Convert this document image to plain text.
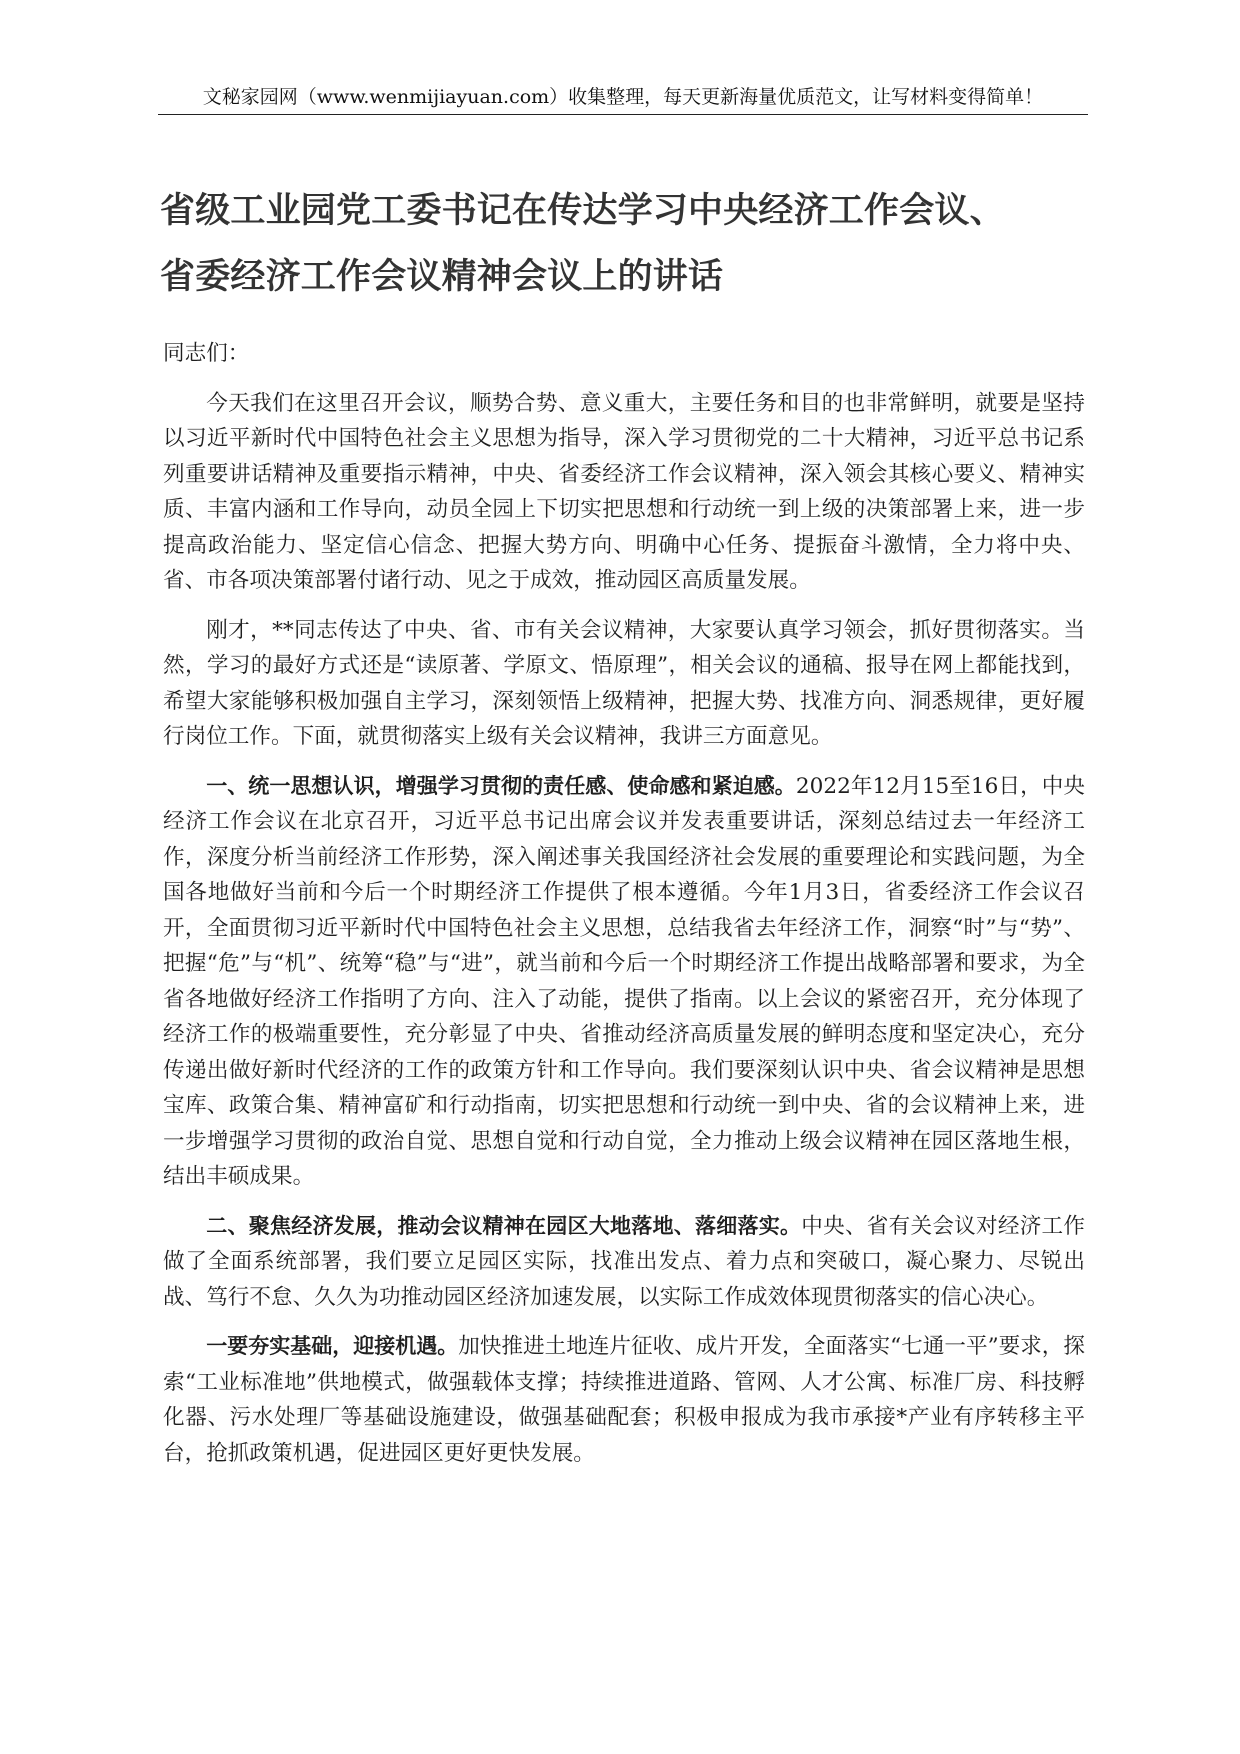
文秘家园网（www.wenmijiayuan.com）收集整理，每天更新海量优质范文，让写材料变得简单！
省级工业园党工委书记在传达学习中央经济工作会议、
省委经济工作会议精神会议上的讲话

同志们：

今天我们在这里召开会议，顺势合势、意义重大，主要任务和目的也非常鲜明，就要是坚持以习近平新时代中国特色社会主义思想为指导，深入学习贯彻党的二十大精神，习近平总书记系列重要讲话精神及重要指示精神，中央、省委经济工作会议精神，深入领会其核心要义、精神实质、丰富内涵和工作导向，动员全园上下切实把思想和行动统一到上级的决策部署上来，进一步提高政治能力、坚定信心信念、把握大势方向、明确中心任务、提振奋斗激情，全力将中央、省、市各项决策部署付诸行动、见之于成效，推动园区高质量发展。

刚才，**同志传达了中央、省、市有关会议精神，大家要认真学习领会，抓好贯彻落实。当然，学习的最好方式还是“读原著、学原文、悟原理”，相关会议的通稿、报导在网上都能找到，希望大家能够积极加强自主学习，深刻领悟上级精神，把握大势、找准方向、洞悉规律，更好履行岗位工作。下面，就贯彻落实上级有关会议精神，我讲三方面意见。

一、统一思想认识，增强学习贯彻的责任感、使命感和紧迫感。2022年12月15至16日，中央经济工作会议在北京召开，习近平总书记出席会议并发表重要讲话，深刻总结过去一年经济工作，深度分析当前经济工作形势，深入阐述事关我国经济社会发展的重要理论和实践问题，为全国各地做好当前和今后一个时期经济工作提供了根本遵循。今年1月3日，省委经济工作会议召开，全面贯彻习近平新时代中国特色社会主义思想，总结我省去年经济工作，洞察“时”与“势”、把握“危”与“机”、统筹“稳”与“进”，就当前和今后一个时期经济工作提出战略部署和要求，为全省各地做好经济工作指明了方向、注入了动能，提供了指南。以上会议的紧密召开，充分体现了经济工作的极端重要性，充分彰显了中央、省推动经济高质量发展的鲜明态度和坚定决心，充分传递出做好新时代经济的工作的政策方针和工作导向。我们要深刻认识中央、省会议精神是思想宝库、政策合集、精神富矿和行动指南，切实把思想和行动统一到中央、省的会议精神上来，进一步增强学习贯彻的政治自觉、思想自觉和行动自觉，全力推动上级会议精神在园区落地生根，结出丰硕成果。

二、聚焦经济发展，推动会议精神在园区大地落地、落细落实。中央、省有关会议对经济工作做了全面系统部署，我们要立足园区实际，找准出发点、着力点和突破口，凝心聚力、尽锐出战、笃行不怠、久久为功推动园区经济加速发展，以实际工作成效体现贯彻落实的信心决心。

一要夯实基础，迎接机遇。加快推进土地连片征收、成片开发，全面落实“七通一平”要求，探索“工业标准地”供地模式，做强载体支撑；持续推进道路、管网、人才公寓、标准厂房、科技孵化器、污水处理厂等基础设施建设，做强基础配套；积极申报成为我市承接*产业有序转移主平台，抢抓政策机遇，促进园区更好更快发展。
